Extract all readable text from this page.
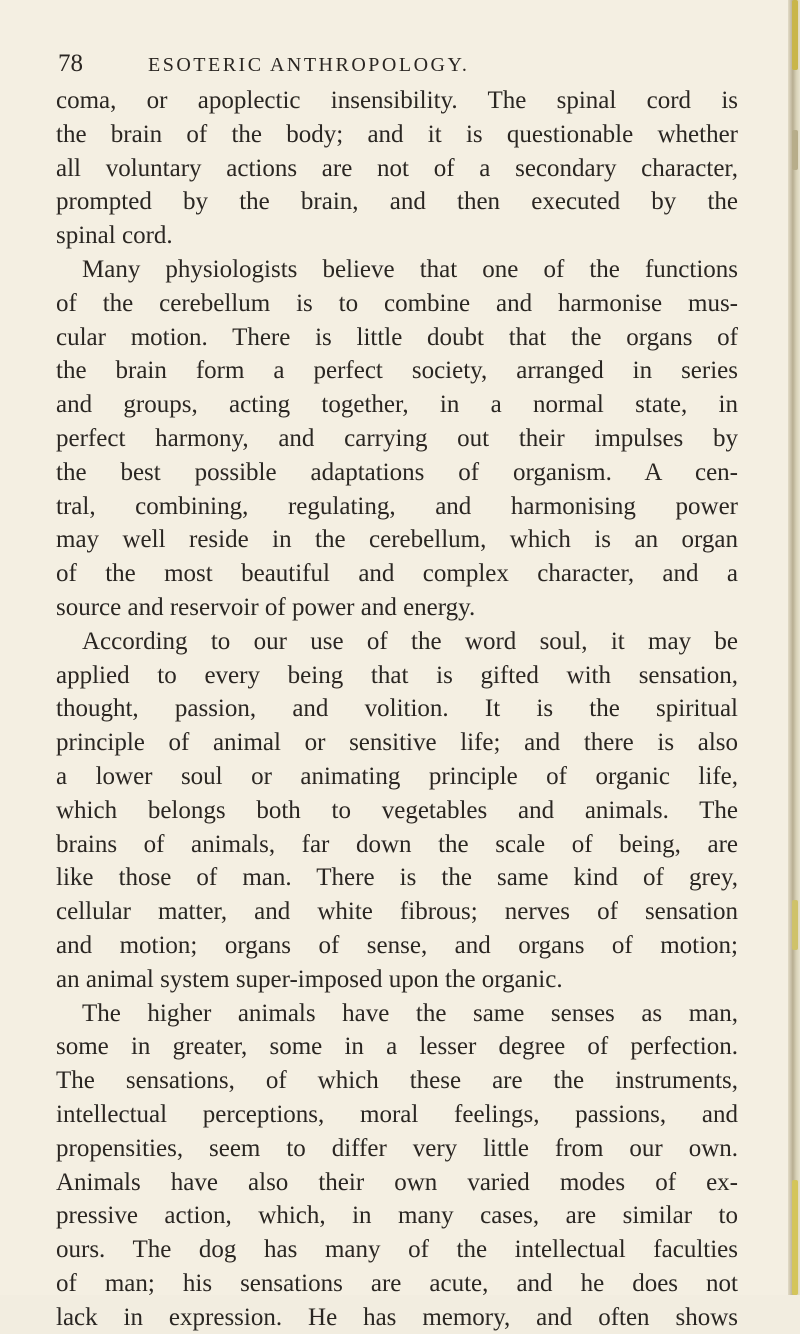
78	ESOTERIC ANTHROPOLOGY.
coma, or apoplectic insensibility. The spinal cord is
the brain of the body; and it is questionable whether
all voluntary actions are not of a secondary character,
prompted by the brain, and then executed by the
spinal cord.
Many physiologists believe that one of the functions
of the cerebellum is to combine and harmonise mus-
cular motion. There is little doubt that the organs of
the brain form a perfect society, arranged in series
and groups, acting together, in a normal state, in
perfect harmony, and carrying out their impulses by
the best possible adaptations of organism. A cen-
tral, combining, regulating, and harmonising power
may well reside in the cerebellum, which is an organ
of the most beautiful and complex character, and a
source and reservoir of power and energy.
According to our use of the word soul, it may be
applied to every being that is gifted with sensation,
thought, passion, and volition. It is the spiritual
principle of animal or sensitive life; and there is also
a lower soul or animating principle of organic life,
which belongs both to vegetables and animals. The
brains of animals, far down the scale of being, are
like those of man. There is the same kind of grey,
cellular matter, and white fibrous; nerves of sensation
and motion; organs of sense, and organs of motion;
an animal system super-imposed upon the organic.
The higher animals have the same senses as man,
some in greater, some in a lesser degree of perfection.
The sensations, of which these are the instruments,
intellectual perceptions, moral feelings, passions, and
propensities, seem to differ very little from our own.
Animals have also their own varied modes of ex-
pressive action, which, in many cases, are similar to
ours. The dog has many of the intellectual faculties
of man; his sensations are acute, and he does not
lack in expression. He has memory, and often shows
